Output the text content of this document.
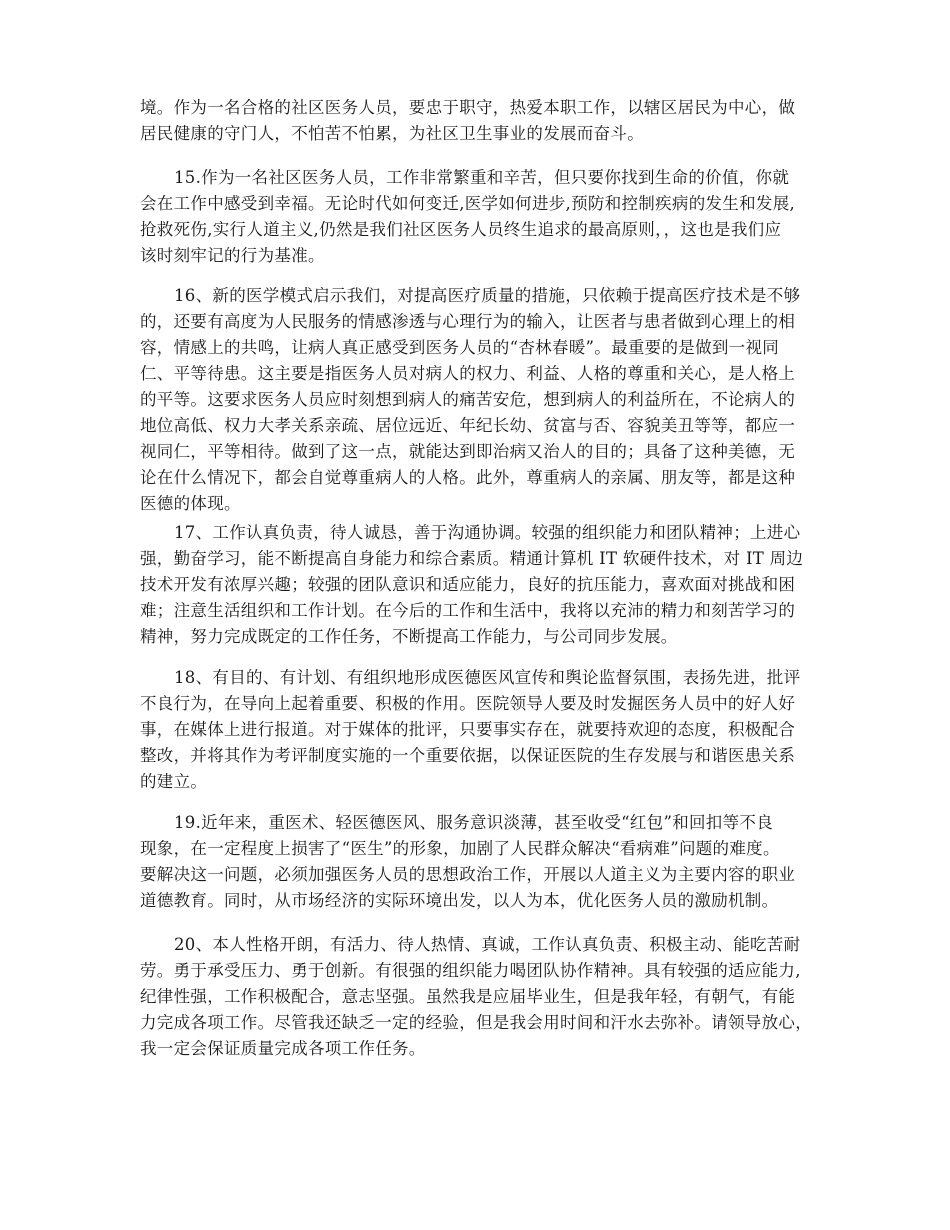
境。作为一名合格的社区医务人员，要忠于职守，热爱本职工作，以辖区居民为中心，做
居民健康的守门人，不怕苦不怕累，为社区卫生事业的发展而奋斗。
15.作为一名社区医务人员，工作非常繁重和辛苦，但只要你找到生命的价值，你就
会在工作中感受到幸福。无论时代如何变迁,医学如何进步,预防和控制疾病的发生和发展,
抢救死伤,实行人道主义,仍然是我们社区医务人员终生追求的最高原则，，这也是我们应
该时刻牢记的行为基准。
16、新的医学模式启示我们，对提高医疗质量的措施，只依赖于提高医疗技术是不够
的，还要有高度为人民服务的情感渗透与心理行为的输入，让医者与患者做到心理上的相
容，情感上的共鸣，让病人真正感受到医务人员的“杏林春暖”。最重要的是做到一视同
仁、平等待患。这主要是指医务人员对病人的权力、利益、人格的尊重和关心，是人格上
的平等。这要求医务人员应时刻想到病人的痛苦安危，想到病人的利益所在，不论病人的
地位高低、权力大孝关系亲疏、居位远近、年纪长幼、贫富与否、容貌美丑等等，都应一
视同仁，平等相待。做到了这一点，就能达到即治病又治人的目的；具备了这种美德，无
论在什么情况下，都会自觉尊重病人的人格。此外，尊重病人的亲属、朋友等，都是这种
医德的体现。
17、工作认真负责，待人诚恳，善于沟通协调。较强的组织能力和团队精神；上进心
强，勤奋学习，能不断提高自身能力和综合素质。精通计算机 IT 软硬件技术，对 IT 周边
技术开发有浓厚兴趣；较强的团队意识和适应能力，良好的抗压能力，喜欢面对挑战和困
难；注意生活组织和工作计划。在今后的工作和生活中，我将以充沛的精力和刻苦学习的
精神，努力完成既定的工作任务，不断提高工作能力，与公司同步发展。
18、有目的、有计划、有组织地形成医德医风宣传和舆论监督氛围，表扬先进，批评
不良行为，在导向上起着重要、积极的作用。医院领导人要及时发掘医务人员中的好人好
事，在媒体上进行报道。对于媒体的批评，只要事实存在，就要持欢迎的态度，积极配合
整改，并将其作为考评制度实施的一个重要依据，以保证医院的生存发展与和谐医患关系
的建立。
19.近年来，重医术、轻医德医风、服务意识淡薄，甚至收受“红包”和回扣等不良
现象，在一定程度上损害了“医生”的形象，加剧了人民群众解决“看病难”问题的难度。
要解决这一问题，必须加强医务人员的思想政治工作，开展以人道主义为主要内容的职业
道德教育。同时，从市场经济的实际环境出发，以人为本，优化医务人员的激励机制。
20、本人性格开朗，有活力、待人热情、真诚，工作认真负责、积极主动、能吃苦耐
劳。勇于承受压力、勇于创新。有很强的组织能力喝团队协作精神。具有较强的适应能力,
纪律性强，工作积极配合，意志坚强。虽然我是应届毕业生，但是我年轻，有朝气，有能
力完成各项工作。尽管我还缺乏一定的经验，但是我会用时间和汗水去弥补。请领导放心，
我一定会保证质量完成各项工作任务。
